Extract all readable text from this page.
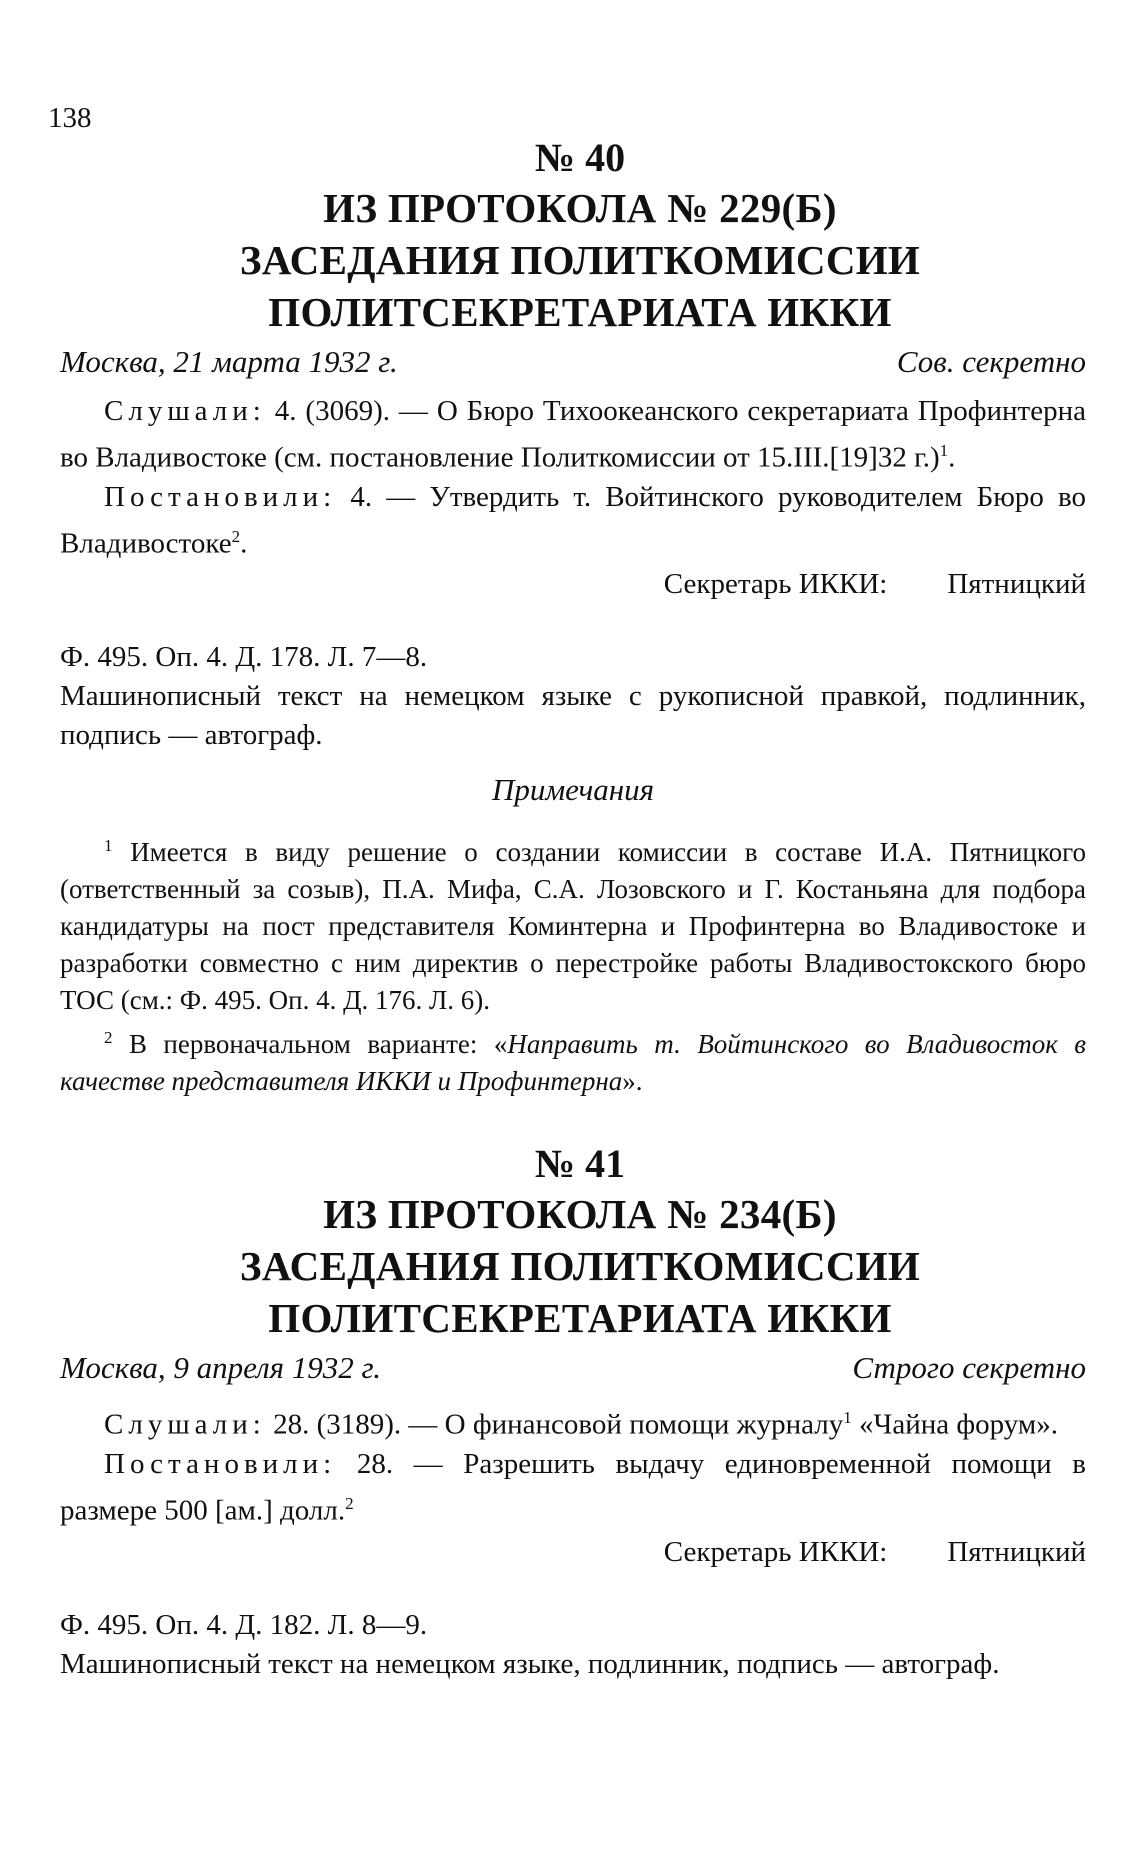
138
№ 40
ИЗ ПРОТОКОЛА № 229(Б)
ЗАСЕДАНИЯ ПОЛИТКОМИССИИ
ПОЛИТСЕКРЕТАРИАТА ИККИ
Москва, 21 марта 1932 г.	Сов. секретно

Слушали: 4. (3069). — О Бюро Тихоокеанского секретариата Профинтерна во Владивостоке (см. постановление Политкомиссии от 15.III.[19]32 г.)$^1$.

Постановили: 4. — Утвердить т. Войтинского руководителем Бюро во Владивостоке$^2$.

Секретарь ИККИ: Пятницкий
Ф. 495. Оп. 4. Д. 178. Л. 7—8.
Машинописный текст на немецком языке с рукописной правкой, подлинник, подпись — автограф.
Примечания

$^1$ Имеется в виду решение о создании комиссии в составе И.А. Пятницкого (ответственный за созыв), П.А. Мифа, С.А. Лозовского и Г. Костаньяна для подбора кандидатуры на пост представителя Коминтерна и Профинтерна во Владивостоке и разработки совместно с ним директив о перестройке работы Владивостокского бюро ТОС (см.: Ф. 495. Оп. 4. Д. 176. Л. 6).

$^2$ В первоначальном варианте: «Направить т. Войтинского во Владивосток в качестве представителя ИККИ и Профинтерна».

№ 41
ИЗ ПРОТОКОЛА № 234(Б)
ЗАСЕДАНИЯ ПОЛИТКОМИССИИ
ПОЛИТСЕКРЕТАРИАТА ИККИ
Москва, 9 апреля 1932 г.	Строго секретно

Слушали: 28. (3189). — О финансовой помощи журналу$^1$ «Чайна форум».

Постановили: 28. — Разрешить выдачу единовременной помощи в размере 500 [ам.] долл.$^2$

Секретарь ИККИ: Пятницкий
Ф. 495. Оп. 4. Д. 182. Л. 8—9.
Машинописный текст на немецком языке, подлинник, подпись — автограф.
